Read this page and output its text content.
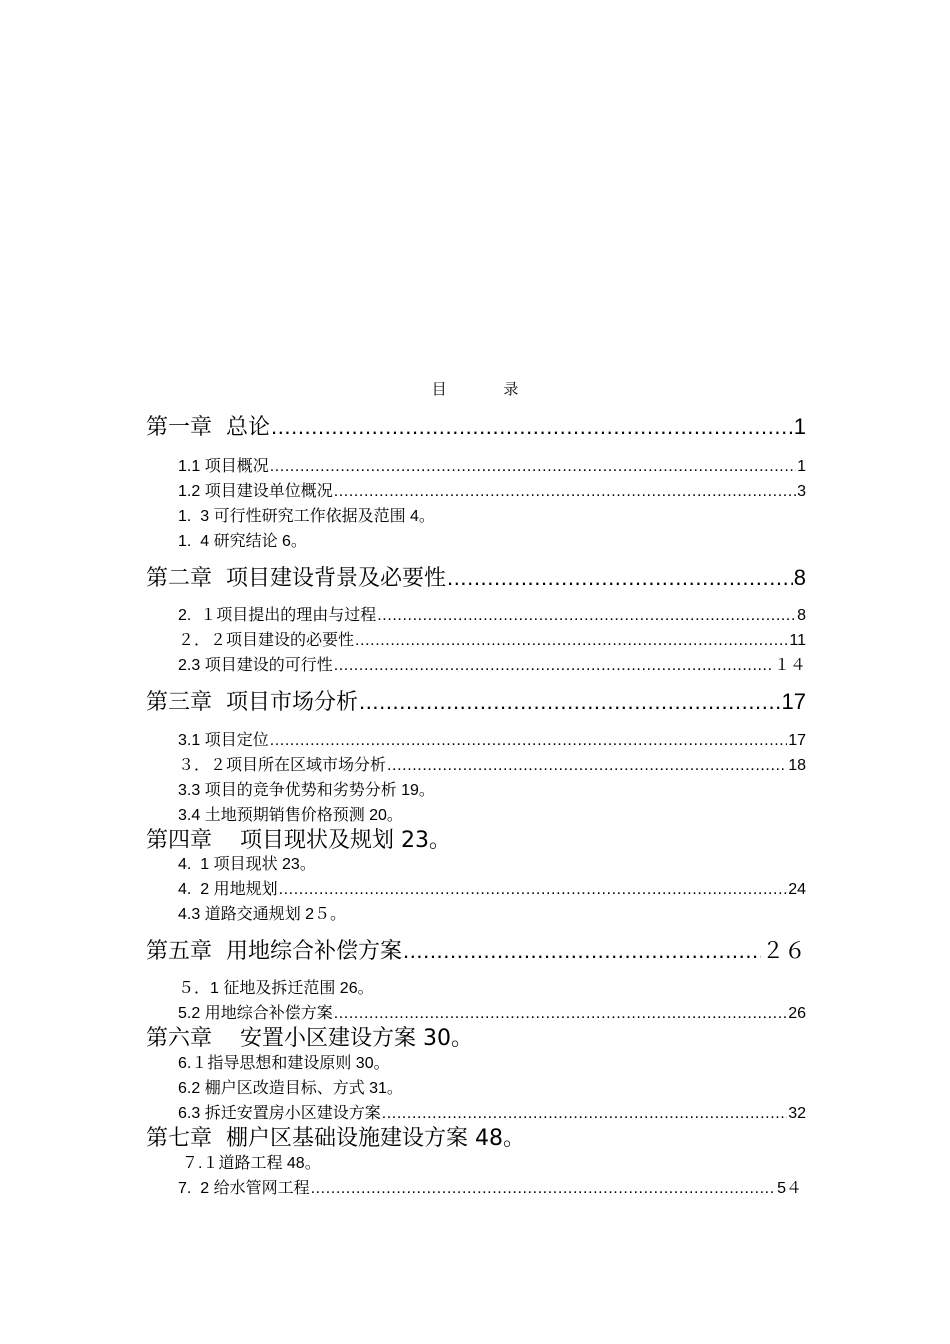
目 录
第一章  总论 .....	1
1.1 项目概况 .....	1
1.2 项目建设单位概况 .....	3
1.  3 可行性研究工作依据及范围 4。
1.  4 研究结论 6。
第二章  项目建设背景及必要性 .....	8
2.  １项目提出的理由与过程 .....	8
２．２项目建设的必要性 .....	11
2.3 项目建设的可行性 .....	１４
第三章  项目市场分析 .....	17
3.1 项目定位 .....	17
３．２项目所在区域市场分析 .....	18
3.3 项目的竞争优势和劣势分析 19。
3.4 土地预期销售价格预测 20。
第四章    项目现状及规划 23。
4.  1 项目现状 23。
4.  2 用地规划 .....	24
4.3 道路交通规划 2５。
第五章  用地综合补偿方案 .....	２６
５．1 征地及拆迁范围 26。
5.2 用地综合补偿方案 .....	26
第六章    安置小区建设方案 30。
6.１指导思想和建设原则 30。
6.2 棚户区改造目标、方式 31。
6.3 拆迁安置房小区建设方案 .....	32
第七章  棚户区基础设施建设方案 48。
７.１道路工程 48。
7.  2 给水管网工程 .....	5４
